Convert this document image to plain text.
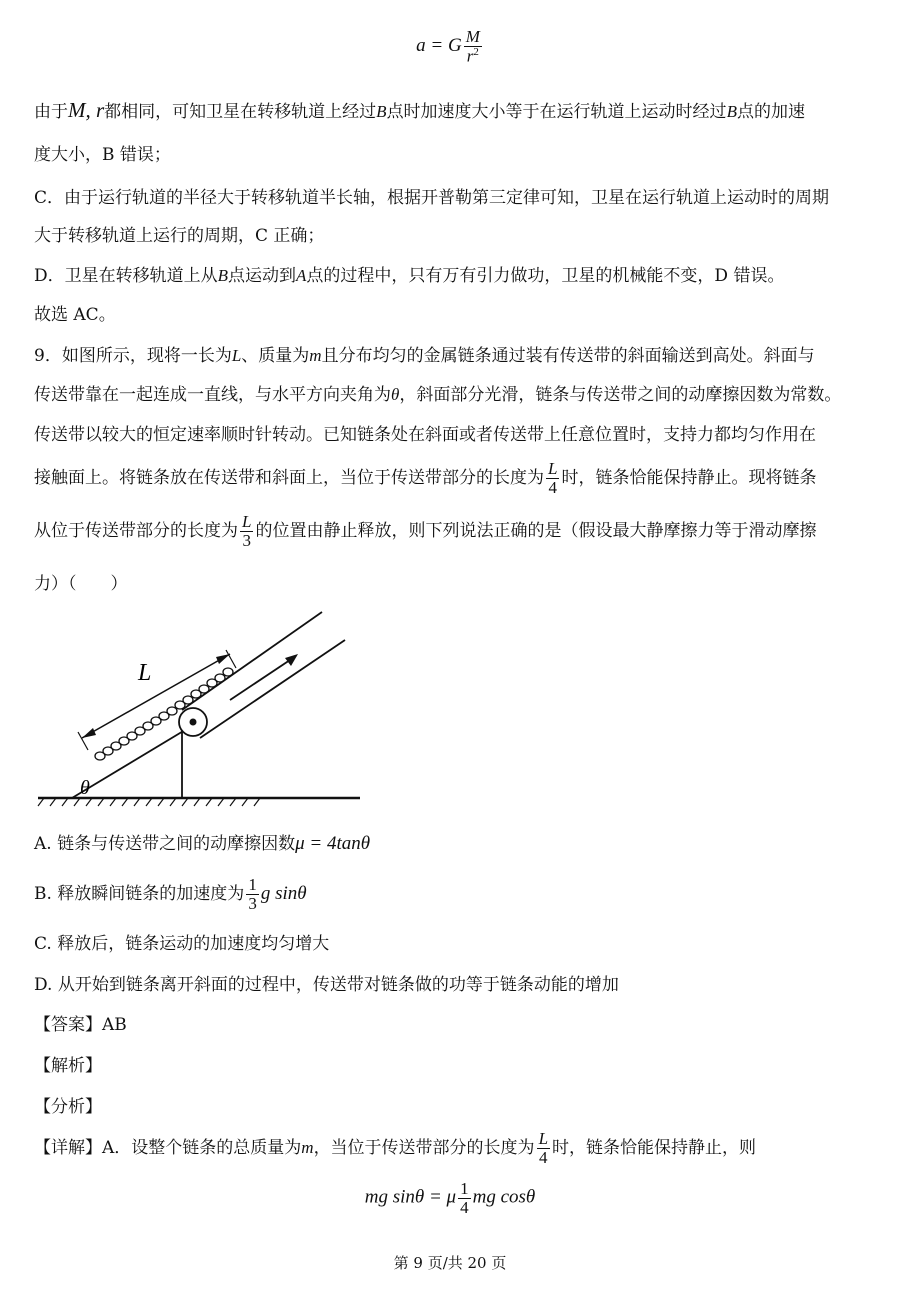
a = G $\frac{M}{r^2}$
由于M, r都相同，可知卫星在转移轨道上经过B点时加速度大小等于在运行轨道上运动时经过B点的加速
度大小，B 错误；
C．由于运行轨道的半径大于转移轨道半长轴，根据开普勒第三定律可知，卫星在运行轨道上运动时的周期
大于转移轨道上运行的周期，C 正确；
D．卫星在转移轨道上从B点运动到A点的过程中，只有万有引力做功，卫星的机械能不变，D 错误。
故选 AC。
9．如图所示，现将一长为L、质量为m且分布均匀的金属链条通过装有传送带的斜面输送到高处。斜面与
传送带靠在一起连成一直线，与水平方向夹角为θ，斜面部分光滑，链条与传送带之间的动摩擦因数为常数。
传送带以较大的恒定速率顺时针转动。已知链条处在斜面或者传送带上任意位置时，支持力都均匀作用在
接触面上。将链条放在传送带和斜面上，当位于传送带部分的长度为 $\frac{L}{4}$ 时，链条恰能保持静止。现将链条
从位于传送带部分的长度为 $\frac{L}{3}$ 的位置由静止释放，则下列说法正确的是（假设最大静摩擦力等于滑动摩擦
力）（　　）
L
θ
A. 链条与传送带之间的动摩擦因数μ = 4tanθ
B. 释放瞬间链条的加速度为 $\frac{1}{3}$ g sinθ
C. 释放后，链条运动的加速度均匀增大
D. 从开始到链条离开斜面的过程中，传送带对链条做的功等于链条动能的增加
【答案】AB
【解析】
【分析】
【详解】A．设整个链条的总质量为m，当位于传送带部分的长度为 $\frac{L}{4}$ 时，链条恰能保持静止，则
mg sinθ = μ $\frac{1}{4}$ mg cosθ
第 9 页/共 20 页
